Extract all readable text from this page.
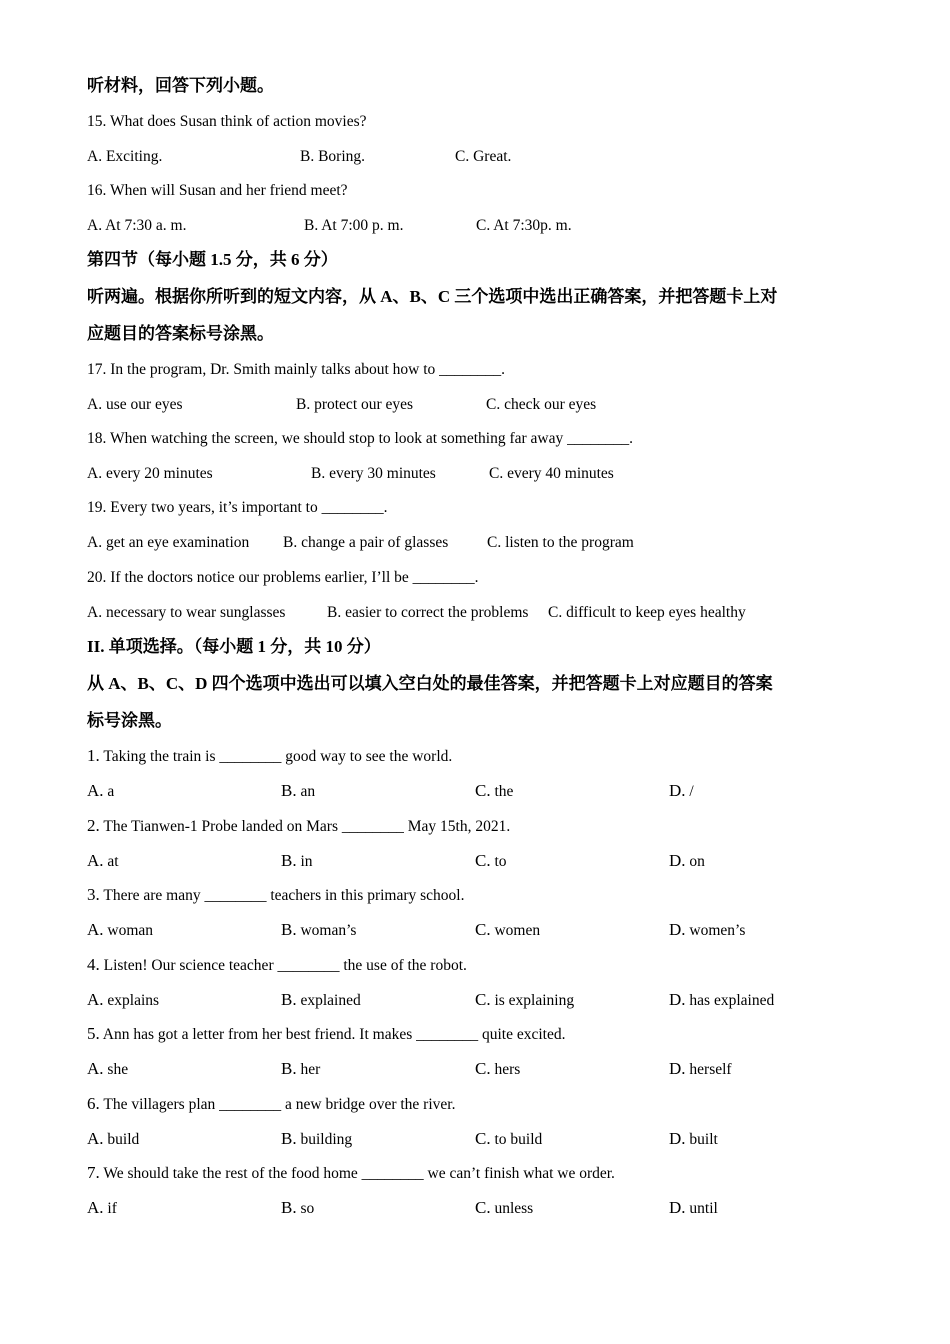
听材料，回答下列小题。
15. What does Susan think of action movies?
A. Exciting.	B. Boring.	C. Great.
16. When will Susan and her friend meet?
A. At 7:30 a. m.	B. At 7:00 p. m.	C. At 7:30p. m.
第四节（每小题 1.5 分，共 6 分）
听两遍。根据你所听到的短文内容，从 A、B、C 三个选项中选出正确答案，并把答题卡上对
应题目的答案标号涂黑。
17. In the program, Dr. Smith mainly talks about how to ________.
A. use our eyes	B. protect our eyes	C. check our eyes
18. When watching the screen, we should stop to look at something far away ________.
A. every 20 minutes	B. every 30 minutes	C. every 40 minutes
19. Every two years, it’s important to ________.
A. get an eye examination B. change a pair of glasses C. listen to the program
20. If the doctors notice our problems earlier, I’ll be ________.
A. necessary to wear sunglasses	B. easier to correct the problems C. difficult to keep eyes healthy
II. 单项选择。（每小题 1 分，共 10 分）
从 A、B、C、D 四个选项中选出可以填入空白处的最佳答案，并把答题卡上对应题目的答案
标号涂黑。
1. Taking the train is ________ good way to see the world.
A. a	B. an	C. the	D. /
2. The Tianwen-1 Probe landed on Mars ________ May 15th, 2021.
A. at	B. in	C. to	D. on
3. There are many ________ teachers in this primary school.
A. woman	B. woman’s	C. women	D. women’s
4. Listen! Our science teacher ________ the use of the robot.
A. explains	B. explained	C. is explaining	D. has explained
5. Ann has got a letter from her best friend. It makes ________ quite excited.
A. she	B. her	C. hers	D. herself
6. The villagers plan ________ a new bridge over the river.
A. build	B. building	C. to build	D. built
7. We should take the rest of the food home ________ we can’t finish what we order.
A. if	B. so	C. unless	D. until
